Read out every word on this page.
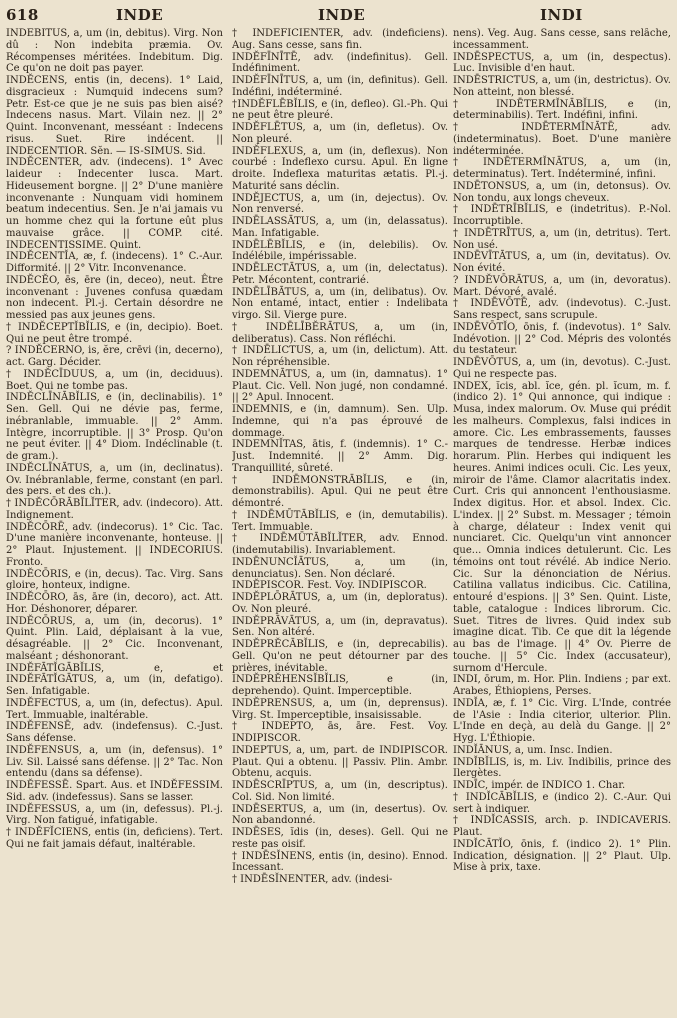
618	INDE	INDE	INDI

INDĒBĬTUS, a, um (in, debitus). Virg. Non dû : Non indebita præmia. Ov. Récompenses méritées. Indebitum. Dig. Ce qu'on ne doit pas payer.

INDĔCENS, entis (in, decens). 1° Laid, disgracieux : Numquid indecens sum? Petr. Est-ce que je ne suis pas bien aisé? Indecens nasus. Mart. Vilain nez. || 2° Quint. Inconvenant, messéant : Indecens risus. Suet. Rire indécent. || INDECENTIOR. Sĕn. — IS-SIMUS. Sid.

INDĔCENTER, adv. (indecens). 1° Avec laideur : Indecenter lusca. Mart. Hideusement borgne. || 2° D'une manière inconvenante : Nunquam vidi hominem beatum indecentius. Sen. Je n'ai jamais vu un homme chez qui la fortune eût plus mauvaise grâce. || COMP. cité. INDECENTISSIME. Quint.

INDĔCENTĬA, æ, f. (indecens). 1° C.-Aur. Difformité. || 2° Vitr. Inconvenance.

INDĔCĔO, ēs, ēre (in, deceo), neut. Être inconvenant : Juvenes confusa quædam non indecent. Pl.-j. Certain désordre ne messied pas aux jeunes gens.

† INDĔCEPTĬBĬLIS, e (in, decipio). Boet. Qui ne peut être trompé.

? INDĔCERNO, is, ĕre, crēvi (in, decerno), act. Garg. Décider.

† INDĔCĪDUUS, a, um (in, deciduus). Boet. Qui ne tombe pas.

INDĔCLĪNĀBĬLIS, e (in, declinabilis). 1° Sen. Gell. Qui ne dévie pas, ferme, inébranlable, immuable. || 2° Amm. Intègre, incorruptible. || 3° Prosp. Qu'on ne peut éviter. || 4° Diom. Indéclinable (t. de gram.).

INDĔCLĪNĀTUS, a, um (in, declinatus). Ov. Inébranlable, ferme, constant (en parl. des pers. et des ch.).

† INDĔCŌRĀBĬLĬTER, adv. (indecoro). Att. Indignement.

INDĔCŌRĒ, adv. (indecorus). 1° Cic. Tac. D'une manière inconvenante, honteuse. || 2° Plaut. Injustement. || INDECORIUS. Fronto.

INDĔCŌRIS, e (in, decus). Tac. Virg. Sans gloire, honteux, indigne.

INDĔCŌRO, ās, āre (in, decoro), act. Att. Hor. Déshonorer, déparer.

INDĔCŌRUS, a, um (in, decorus). 1° Quint. Plin. Laid, déplaisant à la vue, désagréable. || 2° Cic. Inconvenant, malséant ; déshonorant.

INDĔFĀTĬGĀBĬLIS, e, et INDĔFĀTĬGĀTUS, a, um (in, defatigo). Sen. Infatigable.

INDĔFECTUS, a, um (in, defectus). Apul. Tert. Immuable, inaltérable.

INDĔFENSĒ, adv. (indefensus). C.-Just. Sans défense.

INDĔFENSUS, a, um (in, defensus). 1° Liv. Sil. Laissé sans défense. || 2° Tac. Non entendu (dans sa défense).

INDĔFESSĒ. Spart. Aus. et INDĔFESSIM. Sid. adv. (indefessus). Sans se lasser.

INDĔFESSUS, a, um (in, defessus). Pl.-j. Virg. Non fatigué, infatigable.

† INDĔFĬCIENS, entis (in, deficiens). Tert. Qui ne fait jamais défaut, inaltérable.

† INDĔFĬCIENTER, adv. (indeficiens). Aug. Sans cesse, sans fin.

INDĔFĪNĪTĒ, adv. (indefinitus). Gell. Indéfiniment.

INDĔFĪNĪTUS, a, um (in, definitus). Gell. Indéfini, indéterminé.

†INDĔFLĒBĬLIS, e (in, defleo). Gl.-Ph. Qui ne peut être pleuré.

INDĔFLĒTUS, a, um (in, defletus). Ov. Non pleuré.

INDĔFLEXUS, a, um (in, deflexus). Non courbé : Indeflexo cursu. Apul. En ligne droite. Indeflexa maturitas ætatis. Pl.-j. Maturité sans déclin.

INDĔJECTUS, a, um (in, dejectus). Ov. Non renversé.

INDĒLASSĀTUS, a, um (in, delassatus). Man. Infatigable.

INDĒLĒBĬLIS, e (in, delebilis). Ov. Indélébile, impérissable.

INDĒLECTĀTUS, a, um (in, delectatus). Petr. Mécontent, contrarié.

INDĒLĪBĀTUS, a, um (in, delibatus). Ov. Non entamé, intact, entier : Indelibata virgo. Sil. Vierge pure.

† INDĒLĪBĔRĀTUS, a, um (in, deliberatus). Cass. Non réfléchi.

† INDĒLICTUS, a, um (in, delictum). Att. Non répréhensible.

INDEMNĀTUS, a, um (in, damnatus). 1° Plaut. Cic. Vell. Non jugé, non condamné. || 2° Apul. Innocent.

INDEMNIS, e (in, damnum). Sen. Ulp. Indemne, qui n'a pas éprouvé de dommage.

INDEMNĬTAS, ātis, f. (indemnis). 1° C.-Just. Indemnité. || 2° Amm. Dig. Tranquillité, sûreté.

† INDĒMONSTRĀBĬLIS, e (in, demonstrabilis). Apul. Qui ne peut être démontré.

† INDĒMŪTĀBĬLIS, e (in, demutabilis). Tert. Immuable.

† INDĒMŪTĀBĬLĬTER, adv. Ennod. (indemutabilis). Invariablement.

INDĒNUNCĬĀTUS, a, um (in, denunciatus). Sen. Non déclaré.

INDĔPISCOR. Fest. Voy. INDIPISCOR.

INDĔPLŌRĀTUS, a, um (in, deploratus). Ov. Non pleuré.

INDĔPRĀVĀTUS, a, um (in, depravatus). Sen. Non altéré.

INDĔPRĔCĀBĬLIS, e (in, deprecabilis). Gell. Qu'on ne peut détourner par des prières, inévitable.

INDĔPRĔHENSĬBĬLIS, e (in, deprehendo). Quint. Imperceptible.

INDĔPRENSUS, a, um (in, deprensus). Virg. St. Imperceptible, insaisissable.

† INDEPTO, ās, āre. Fest. Voy. INDIPISCOR.

INDEPTUS, a, um, part. de INDIPISCOR. Plaut. Qui a obtenu. || Passiv. Plin. Ambr. Obtenu, acquis.

INDĒSCRĪPTUS, a, um (in, descriptus). Col. Sid. Non limité.

INDĒSERTUS, a, um (in, desertus). Ov. Non abandonné.

INDĒSES, ĭdis (in, deses). Gell. Qui ne reste pas oisif.

† INDĒSĬNENS, entis (in, desino). Ennod. Incessant.

† INDĒSĬNENTER, adv. (indesi-

nens). Veg. Aug. Sans cesse, sans relâche, incessamment.

INDĒSPECTUS, a, um (in, despectus). Luc. Invisible d'en haut.

INDĒSTRICTUS, a, um (in, destrictus). Ov. Non atteint, non blessé.

† INDĒTERMĬNĀBĬLIS, e (in, determinabilis). Tert. Indéfini, infini.

† INDĒTERMĬNĀTĒ, adv. (indeterminatus). Boet. D'une manière indéterminée.

† INDĒTERMĬNĀTUS, a, um (in, determinatus). Tert. Indéterminé, infini.

INDĒTONSUS, a, um (in, detonsus). Ov. Non tondu, aux longs cheveux.

† INDĒTRĪBĬLIS, e (indetritus). P.-Nol. Incorruptible.

† INDĒTRĪTUS, a, um (in, detritus). Tert. Non usé.

INDĒVĪTĀTUS, a, um (in, devitatus). Ov. Non évité.

? INDĔVŌRĀTUS, a, um (in, devoratus). Mart. Dévoré, avalé.

† INDĒVŌTĒ, adv. (indevotus). C.-Just. Sans respect, sans scrupule.

INDĒVŌTĬO, ōnis, f. (indevotus). 1° Salv. Indévotion. || 2° Cod. Mépris des volontés du testateur.

INDĒVŌTUS, a, um (in, devotus). C.-Just. Qui ne respecte pas.

INDEX, ĭcis, abl. ĭce, gén. pl. ĭcum, m. f. (indico 2). 1° Qui annonce, qui indique : Musa, index malorum. Ov. Muse qui prédit les malheurs. Complexus, falsi indices in amore. Cic. Les embrassements, fausses marques de tendresse. Herbæ indices horarum. Plin. Herbes qui indiquent les heures. Animi indices oculi. Cic. Les yeux, miroir de l'âme. Clamor alacritatis index. Curt. Cris qui annoncent l'enthousiasme. Index digitus. Hor. et absol. Index. Cic. L'index. || 2° Subst. m. Messager ; témoin à charge, délateur : Index venit qui nunciaret. Cic. Quelqu'un vint annoncer que... Omnia indices detulerunt. Cic. Les témoins ont tout révélé. Ab indice Nerio. Cic. Sur la dénonciation de Nérius. Catilina vallatus indicibus. Cic. Catilina, entouré d'espions. || 3° Sen. Quint. Liste, table, catalogue : Indices librorum. Cic. Suet. Titres de livres. Quid index sub imagine dicat. Tib. Ce que dit la légende au bas de l'image. || 4° Ov. Pierre de touche. || 5° Cic. Index (accusateur), surnom d'Hercule.

INDI, ōrum, m. Hor. Plin. Indiens ; par ext. Arabes, Éthiopiens, Perses.

INDĬA, æ, f. 1° Cic. Virg. L'Inde, contrée de l'Asie : India citerior, ulterior. Plin. L'Inde en deçà, au delà du Gange. || 2° Hyg. L'Éthiopie.

INDĬĀNUS, a, um. Insc. Indien.

INDĬBĬLIS, is, m. Liv. Indibilis, prince des Ilergètes.

INDĪC, impér. de INDICO 1. Char.

† INDĬCĀBĬLIS, e (indico 2). C.-Aur. Qui sert à indiquer.

† INDĬCASSIS, arch. p. INDICAVERIS. Plaut.

INDĬCĀTĬO, ōnis, f. (indico 2). 1° Plin. Indication, désignation. || 2° Plaut. Ulp. Mise à prix, taxe.
